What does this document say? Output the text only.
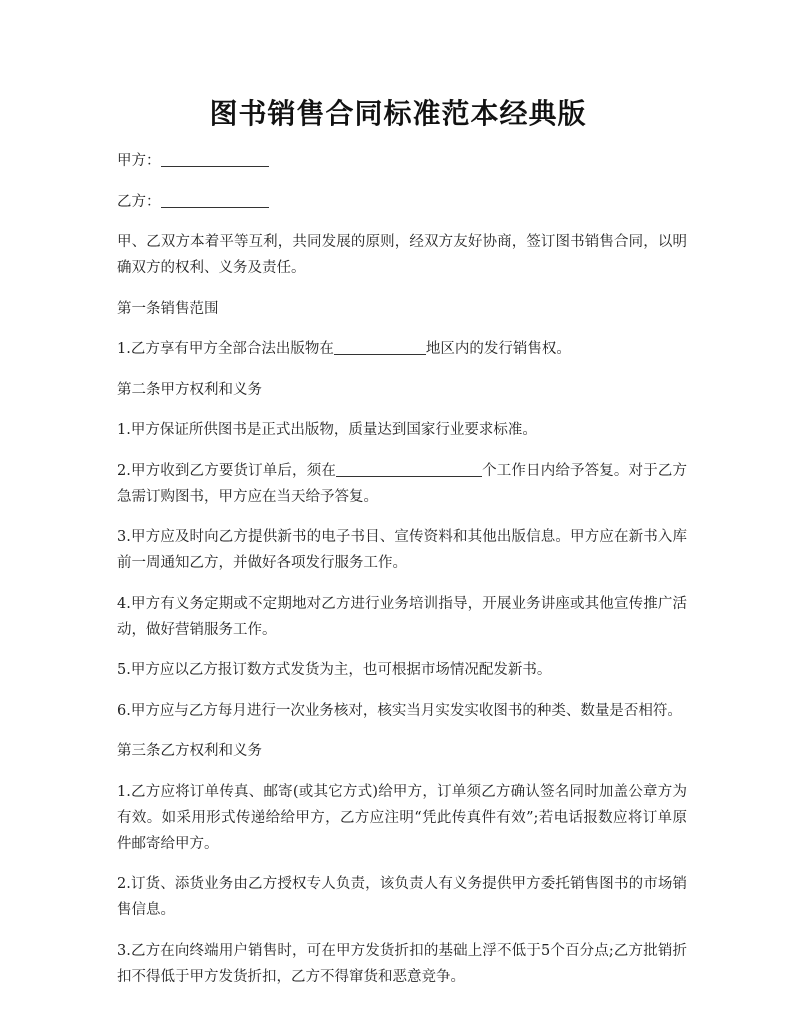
图书销售合同标准范本经典版

甲方：

乙方：

甲、乙双方本着平等互利，共同发展的原则，经双方友好协商，签订图书销售合同，以明确双方的权利、义务及责任。

第一条销售范围

1.乙方享有甲方全部合法出版物在	地区内的发行销售权。

第二条甲方权利和义务

1.甲方保证所供图书是正式出版物，质量达到国家行业要求标准。

2.甲方收到乙方要货订单后，须在	个工作日内给予答复。对于乙方急需订购图书，甲方应在当天给予答复。

3.甲方应及时向乙方提供新书的电子书目、宣传资料和其他出版信息。甲方应在新书入库前一周通知乙方，并做好各项发行服务工作。

4.甲方有义务定期或不定期地对乙方进行业务培训指导，开展业务讲座或其他宣传推广活动，做好营销服务工作。

5.甲方应以乙方报订数方式发货为主，也可根据市场情况配发新书。

6.甲方应与乙方每月进行一次业务核对，核实当月实发实收图书的种类、数量是否相符。

第三条乙方权利和义务

1.乙方应将订单传真、邮寄(或其它方式)给甲方，订单须乙方确认签名同时加盖公章方为有效。如采用形式传递给给甲方，乙方应注明“凭此传真件有效”;若电话报数应将订单原件邮寄给甲方。

2.订货、添货业务由乙方授权专人负责，该负责人有义务提供甲方委托销售图书的市场销售信息。

3.乙方在向终端用户销售时，可在甲方发货折扣的基础上浮不低于5个百分点;乙方批销折扣不得低于甲方发货折扣，乙方不得窜货和恶意竞争。
